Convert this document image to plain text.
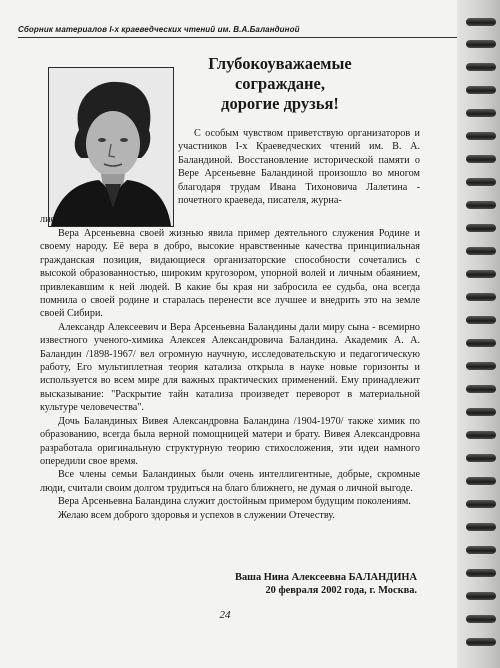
Сборник материалов I-х краеведческих чтений им. В.А.Баландиной
Глубокоуважаемые
сограждане,
дорогие друзья!
С особым чувством приветствую организаторов и участников I-х Краеведческих чтений им. В. А. Баландиной. Восстановление исторической памяти о Вере Арсеньевне Баландиной произошло во многом благодаря трудам Ивана Тихоновича Лалетина - почетного краеведа, писателя, журна-
листа.

Вера Арсеньевна своей жизнью явила пример деятельного служения Родине и своему народу. Её вера в добро, высокие нравственные качества принципиальная гражданская позиция, видающиеся организаторские способности сочетались с высокой образованностью, широким кругозором, упорной волей и личным обаянием, привлекавшим к ней людей. В какие бы края ни забросила ее судьба, она всегда помнила о своей родине и старалась перенести все лучшее и внедрить это на земле своей Сибири.

Александр Алексеевич и Вера Арсеньевна Баландины дали миру сына - всемирно известного ученого-химика Алексея Александровича Баландина. Академик А. А. Баландин /1898-1967/ вел огромную научную, исследовательскую и педагогическую работу, Его мультиплетная теория катализа открыла в науке новые горизонты и используется во всем мире для важных практических применений. Ему принадлежит высказывание: "Раскрытие тайн катализа произведет переворот в материальной культуре человечества".

Дочь Баландиных Вивея Александровна Баландина /1904-1970/ также химик по образованию, всегда была верной помощницей матери и брату. Вивея Александровна разработала оригинальную структурную теорию стихосложения, эти идеи намного опередили свое время.

Все члены семьи Баландиных были очень интеллигентные, добрые, скромные люди, считали своим долгом трудиться на благо ближнего, не думая о личной выгоде.

Вера Арсеньевна Баландина служит достойным примером будущим поколениям.

Желаю всем доброго здоровья и успехов в служении Отечеству.

Ваша Нина Алексеевна БАЛАНДИНА
20 февраля 2002 года, г. Москва.
24
